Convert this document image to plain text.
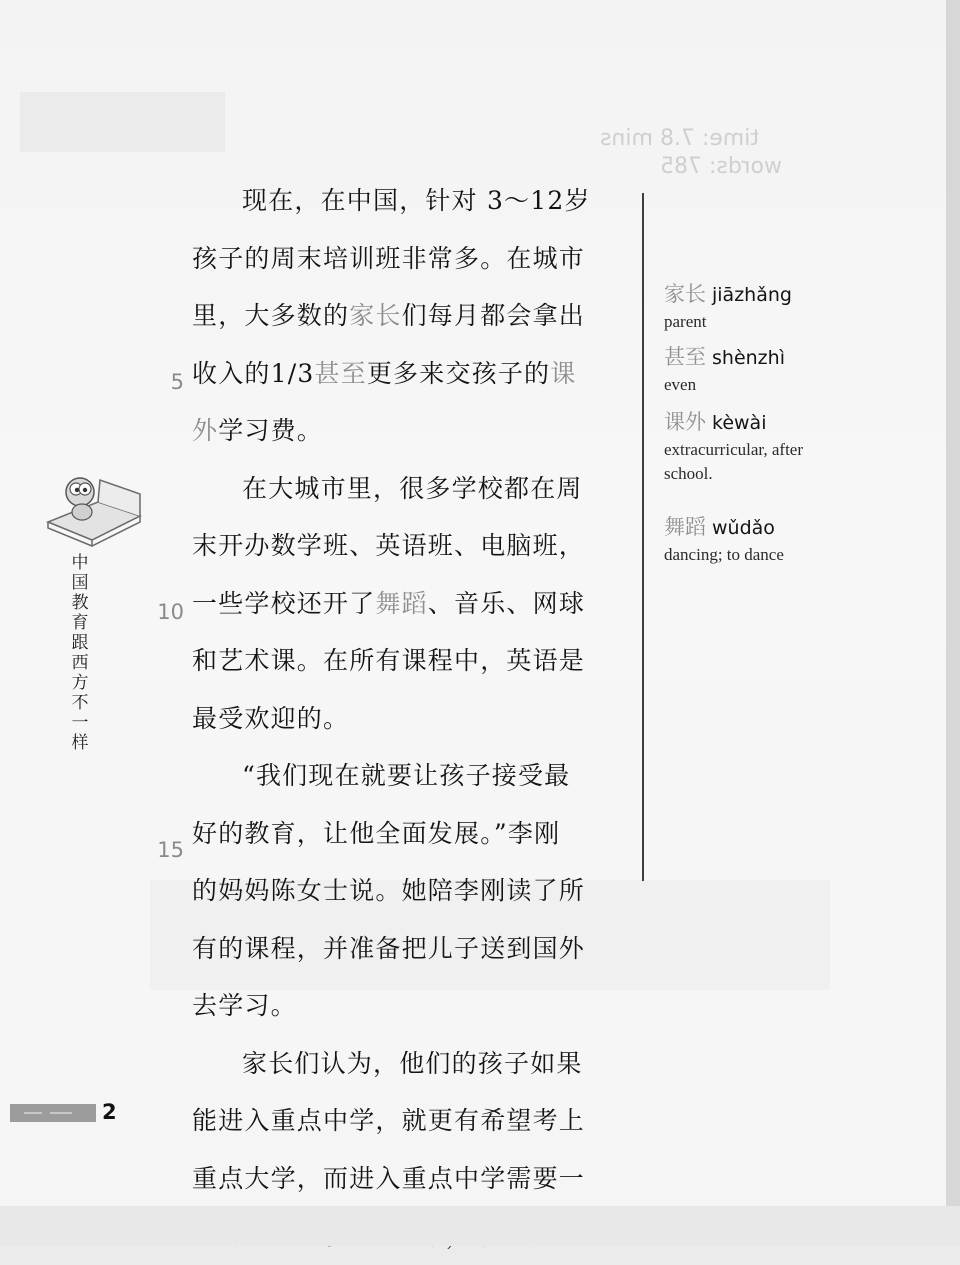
time: 7.8 mins
words: 785
中
国
教
育
跟
西
方
不
一
样
现在，在中国，针对 3～12岁
孩子的周末培训班非常多。在城市
里，大多数的家长们每月都会拿出
收入的1/3甚至更多来交孩子的课
外学习费。
在大城市里，很多学校都在周
末开办数学班、英语班、电脑班，
一些学校还开了舞蹈、音乐、网球
和艺术课。在所有课程中，英语是
最受欢迎的。
“我们现在就要让孩子接受最
好的教育，让他全面发展。”李刚
的妈妈陈女士说。她陪李刚读了所
有的课程，并准备把儿子送到国外
去学习。
家长们认为，他们的孩子如果
能进入重点中学，就更有希望考上
重点大学，而进入重点中学需要一
5
10
15
家长 jiāzhǎng
parent
甚至 shènzhì
even
课外 kèwài
extracurricular, after school.
舞蹈 wǔdǎo
dancing; to dance
2
